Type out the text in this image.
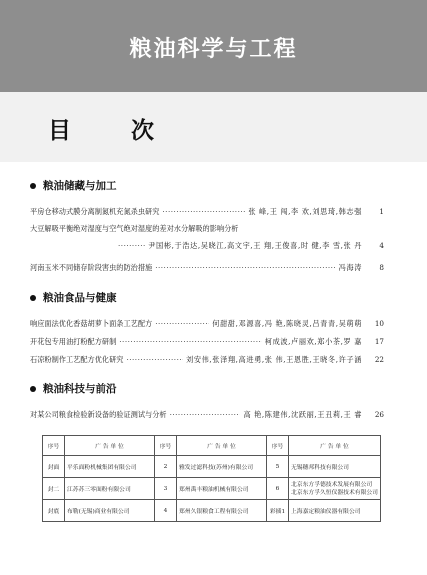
粮油科学与工程
目 次
粮油储藏与加工
平房仓移动式膜分离制氮机充氮杀虫研究 ·····	张 峰,王 闯,李 欢,刘思琦,韩志强	1
大豆解吸平衡绝对湿度与空气绝对湿度的差对水分解吸的影响分析
·····
尹国彬,于浩达,吴晓江,高文宇,王 翔,王俊喜,时 健,李 雪,张 丹	4
河南玉米不同储存阶段害虫的防治措施 ·····	冯海涛	8
粮油食品与健康
响应面法优化香菇胡萝卜面条工艺配方 ·····	何甜甜,邓源喜,冯 艳,陈晓灵,吕青青,吴萌萌	10
开花包专用油打粉配方研制 ·····	柯成波,卢丽欢,郑小茶,罗 嘉	17
石凉粉制作工艺配方优化研究 ·····	刘安伟,张泽翔,高进勇,张 伟,王恩胜,王晓冬,许子涵	22
粮油科技与前沿
对某公司粮食检验新设备的验证测试与分析 ·····	高 艳,陈建伟,沈跃丽,王丑莉,王 睿	26
序号	广 告 单 位	序号	广 告 单 位	序号	广 告 单 位
封面	平乐面粉机械集团有限公司	2	雅发过滤科技(苏州)有限公司	5	无锡穗邦科技有限公司
封二	江苏苏三零面粉有限公司	3	郑州禹丰粮油机械有限公司	6	北京东方孚德技术发展有限公司
北京东方孚久恒仪器技术有限公司
封底	布勒(无锡)商业有限公司	4	郑州久银粮食工程有限公司	彩插1	上海嘉定粮油仪器有限公司
